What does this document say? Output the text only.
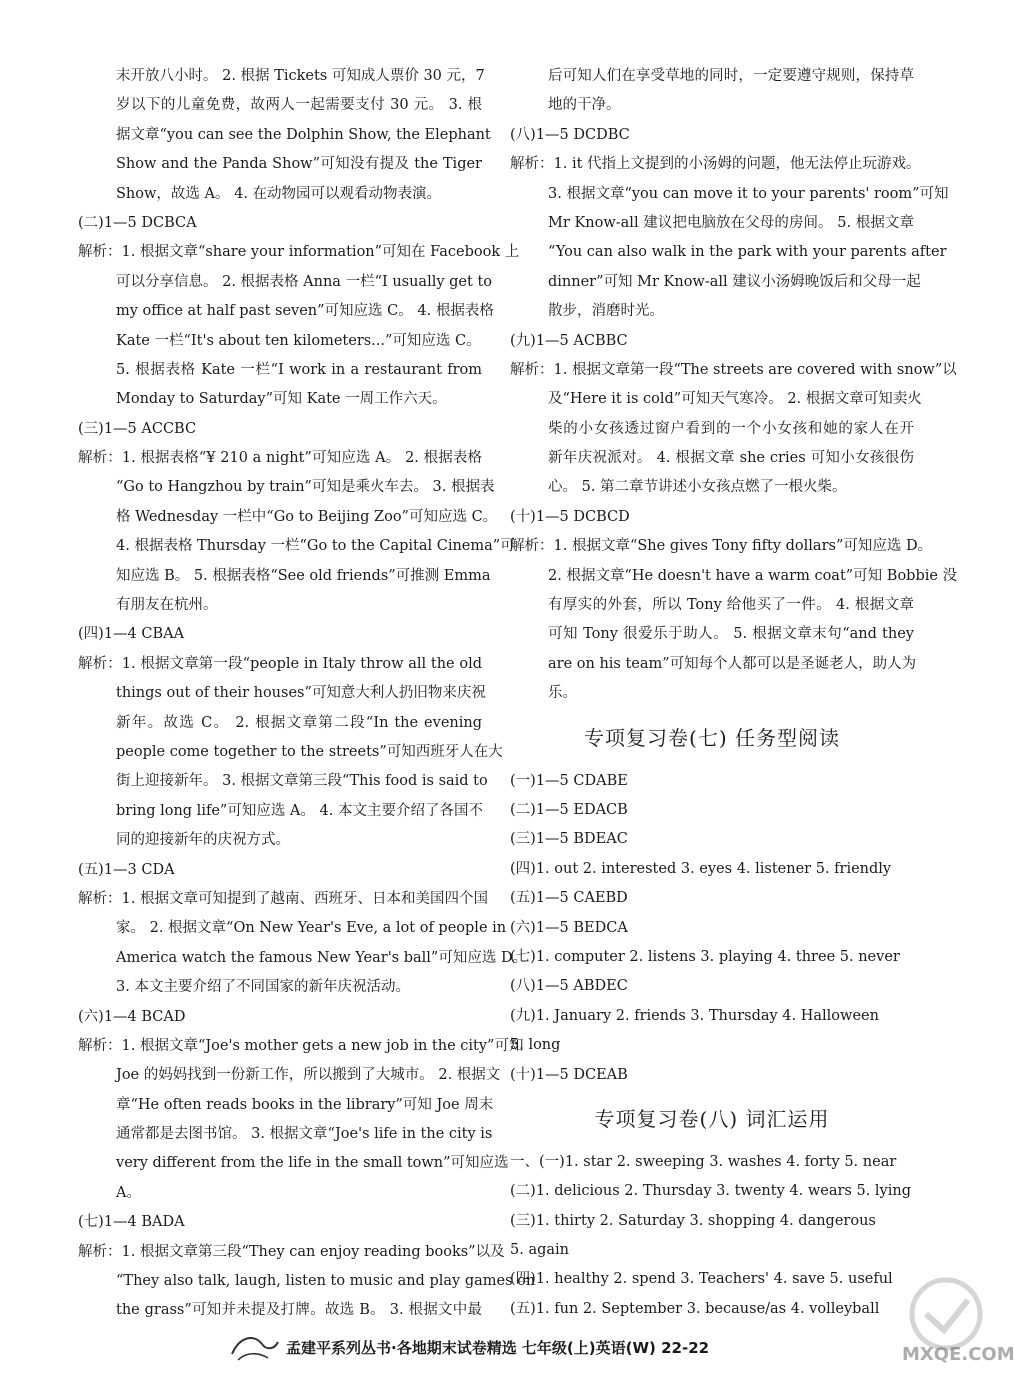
末开放八小时。 2. 根据 Tickets 可知成人票价 30 元，7
岁以下的儿童免费，故两人一起需要支付 30 元。 3. 根
据文章“you can see the Dolphin Show, the Elephant
Show and the Panda Show”可知没有提及 the Tiger
Show，故选 A。 4. 在动物园可以观看动物表演。
(二)1—5 DCBCA
解析：1. 根据文章“share your information”可知在 Facebook 上
可以分享信息。 2. 根据表格 Anna 一栏“I usually get to
my office at half past seven”可知应选 C。 4. 根据表格
Kate 一栏“It's about ten kilometers...”可知应选 C。
5. 根据表格 Kate 一栏“I work in a restaurant from
Monday to Saturday”可知 Kate 一周工作六天。
(三)1—5 ACCBC
解析：1. 根据表格“¥ 210 a night”可知应选 A。 2. 根据表格
“Go to Hangzhou by train”可知是乘火车去。 3. 根据表
格 Wednesday 一栏中“Go to Beijing Zoo”可知应选 C。
4. 根据表格 Thursday 一栏“Go to the Capital Cinema”可
知应选 B。 5. 根据表格“See old friends”可推测 Emma
有朋友在杭州。
(四)1—4 CBAA
解析：1. 根据文章第一段“people in Italy throw all the old
things out of their houses”可知意大利人扔旧物来庆祝
新年。故选 C。 2. 根据文章第二段“In the evening
people come together to the streets”可知西班牙人在大
街上迎接新年。 3. 根据文章第三段“This food is said to
bring long life”可知应选 A。 4. 本文主要介绍了各国不
同的迎接新年的庆祝方式。
(五)1—3 CDA
解析：1. 根据文章可知提到了越南、西班牙、日本和美国四个国
家。 2. 根据文章“On New Year's Eve, a lot of people in
America watch the famous New Year's ball”可知应选 D。
3. 本文主要介绍了不同国家的新年庆祝活动。
(六)1—4 BCAD
解析：1. 根据文章“Joe's mother gets a new job in the city”可知
Joe 的妈妈找到一份新工作，所以搬到了大城市。 2. 根据文
章“He often reads books in the library”可知 Joe 周末
通常都是去图书馆。 3. 根据文章“Joe's life in the city is
very different from the life in the small town”可知应选
A。
(七)1—4 BADA
解析：1. 根据文章第三段“They can enjoy reading books”以及
“They also talk, laugh, listen to music and play games on
the grass”可知并未提及打牌。故选 B。 3. 根据文中最
后可知人们在享受草地的同时，一定要遵守规则，保持草
地的干净。
(八)1—5 DCDBC
解析：1. it 代指上文提到的小汤姆的问题，他无法停止玩游戏。
3. 根据文章“you can move it to your parents' room”可知
Mr Know-all 建议把电脑放在父母的房间。 5. 根据文章
“You can also walk in the park with your parents after
dinner”可知 Mr Know-all 建议小汤姆晚饭后和父母一起
散步，消磨时光。
(九)1—5 ACBBC
解析：1. 根据文章第一段“The streets are covered with snow”以
及“Here it is cold”可知天气寒冷。 2. 根据文章可知卖火
柴的小女孩透过窗户看到的一个小女孩和她的家人在开
新年庆祝派对。 4. 根据文章 she cries 可知小女孩很伤
心。 5. 第二章节讲述小女孩点燃了一根火柴。
(十)1—5 DCBCD
解析：1. 根据文章“She gives Tony fifty dollars”可知应选 D。
2. 根据文章“He doesn't have a warm coat”可知 Bobbie 没
有厚实的外套，所以 Tony 给他买了一件。 4. 根据文章
可知 Tony 很爱乐于助人。 5. 根据文章末句“and they
are on his team”可知每个人都可以是圣诞老人，助人为
乐。
专项复习卷(七) 任务型阅读
(一)1—5 CDABE
(二)1—5 EDACB
(三)1—5 BDEAC
(四)1. out 2. interested 3. eyes 4. listener 5. friendly
(五)1—5 CAEBD
(六)1—5 BEDCA
(七)1. computer 2. listens 3. playing 4. three 5. never
(八)1—5 ABDEC
(九)1. January 2. friends 3. Thursday 4. Halloween
5. long
(十)1—5 DCEAB
专项复习卷(八) 词汇运用
一、(一)1. star 2. sweeping 3. washes 4. forty 5. near
(二)1. delicious 2. Thursday 3. twenty 4. wears 5. lying
(三)1. thirty 2. Saturday 3. shopping 4. dangerous
5. again
(四)1. healthy 2. spend 3. Teachers' 4. save 5. useful
(五)1. fun 2. September 3. because/as 4. volleyball
孟建平系列丛书·各地期末试卷精选 七年级(上)英语(W) 22-22	MXQE.COM
